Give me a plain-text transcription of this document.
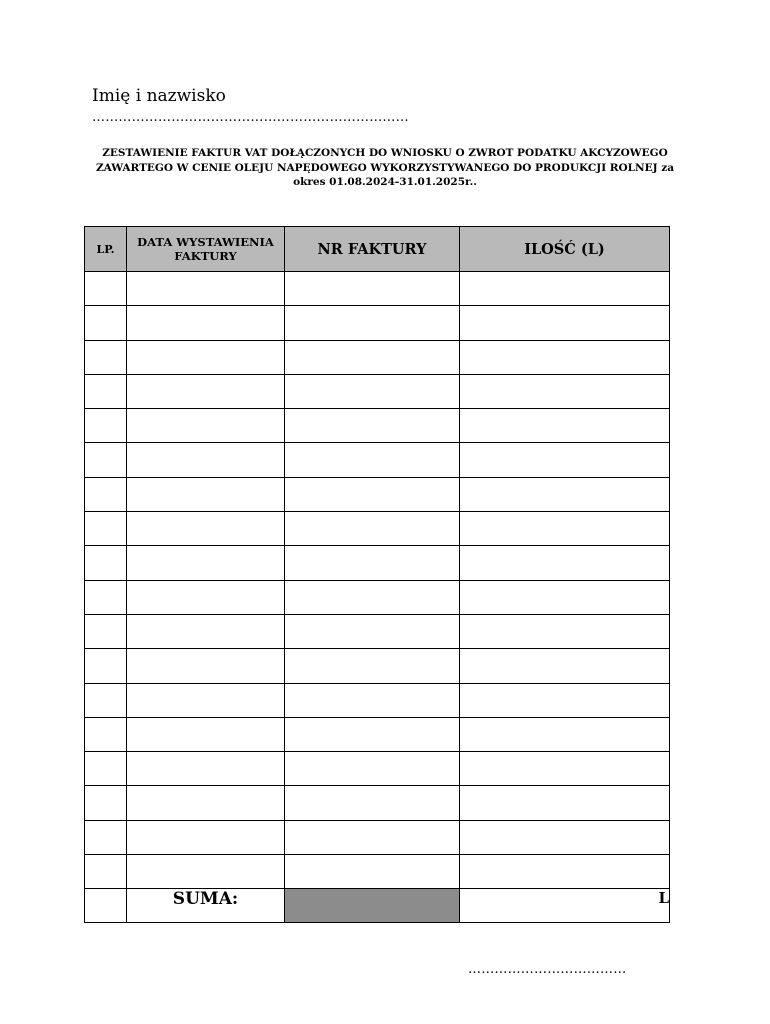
Imię i nazwisko
………………………………………………………………
ZESTAWIENIE FAKTUR VAT DOŁĄCZONYCH DO WNIOSKU O ZWROT PODATKU AKCYZOWEGO ZAWARTEGO W CENIE OLEJU NAPĘDOWEGO WYKORZYSTYWANEGO DO PRODUKCJI ROLNEJ za okres 01.08.2024-31.01.2025r..
LP.	DATA WYSTAWIENIA FAKTURY	NR FAKTURY	ILOŚĆ (L)

	SUMA:		L
………………………………
